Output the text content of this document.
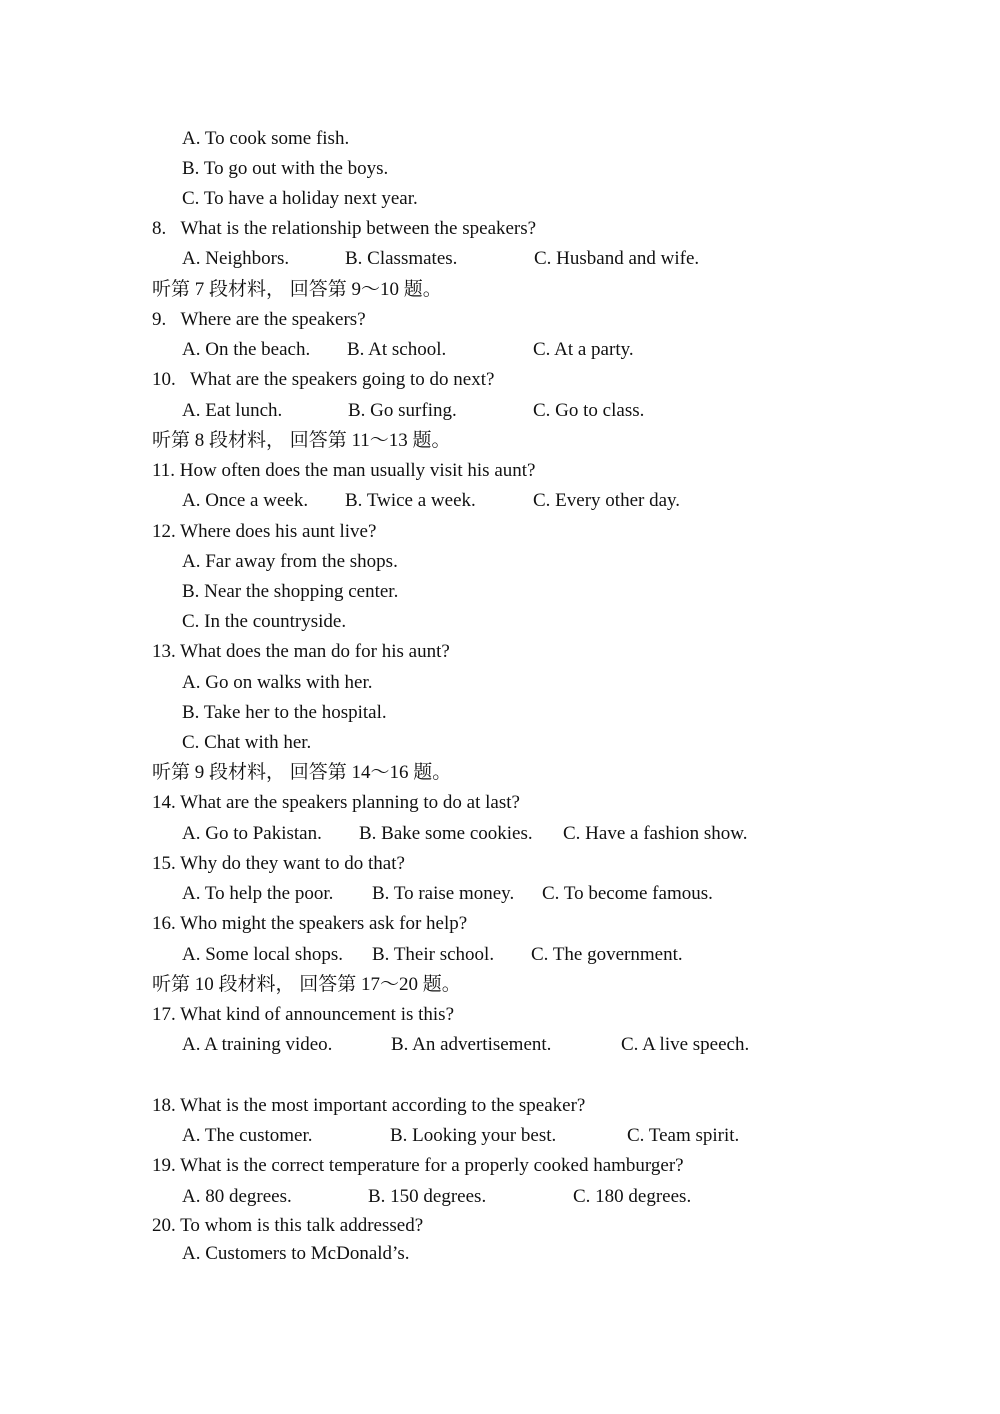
A. To cook some fish.
B. To go out with the boys.
C. To have a holiday next year.
8.   What is the relationship between the speakers?
A. Neighbors.	B. Classmates.	C. Husband and wife.
听第 7 段材料， 回答第 9～10 题。
9.   Where are the speakers?
A. On the beach. B. At school.	C. At a party.
10.   What are the speakers going to do next?
A. Eat lunch.	B. Go surfing.	C. Go to class.
听第 8 段材料， 回答第 11～13 题。
11. How often does the man usually visit his aunt?
A. Once a week. B. Twice a week.	C. Every other day.
12. Where does his aunt live?
A. Far away from the shops.
B. Near the shopping center.
C. In the countryside.
13. What does the man do for his aunt?
A. Go on walks with her.
B. Take her to the hospital.
C. Chat with her.
听第 9 段材料， 回答第 14～16 题。
14. What are the speakers planning to do at last?
A. Go to Pakistan. B. Bake some cookies. C. Have a fashion show.
15. Why do they want to do that?
A. To help the poor. B. To raise money. C. To become famous.
16. Who might the speakers ask for help?
A. Some local shops. B. Their school. C. The government.
听第 10 段材料， 回答第 17～20 题。
17. What kind of announcement is this?
A. A training video.	B. An advertisement.	C. A live speech.
18. What is the most important according to the speaker?
A. The customer.	B. Looking your best.	C. Team spirit.
19. What is the correct temperature for a properly cooked hamburger?
A. 80 degrees.	B. 150 degrees.	C. 180 degrees.
20. To whom is this talk addressed?
A. Customers to McDonald’s.
